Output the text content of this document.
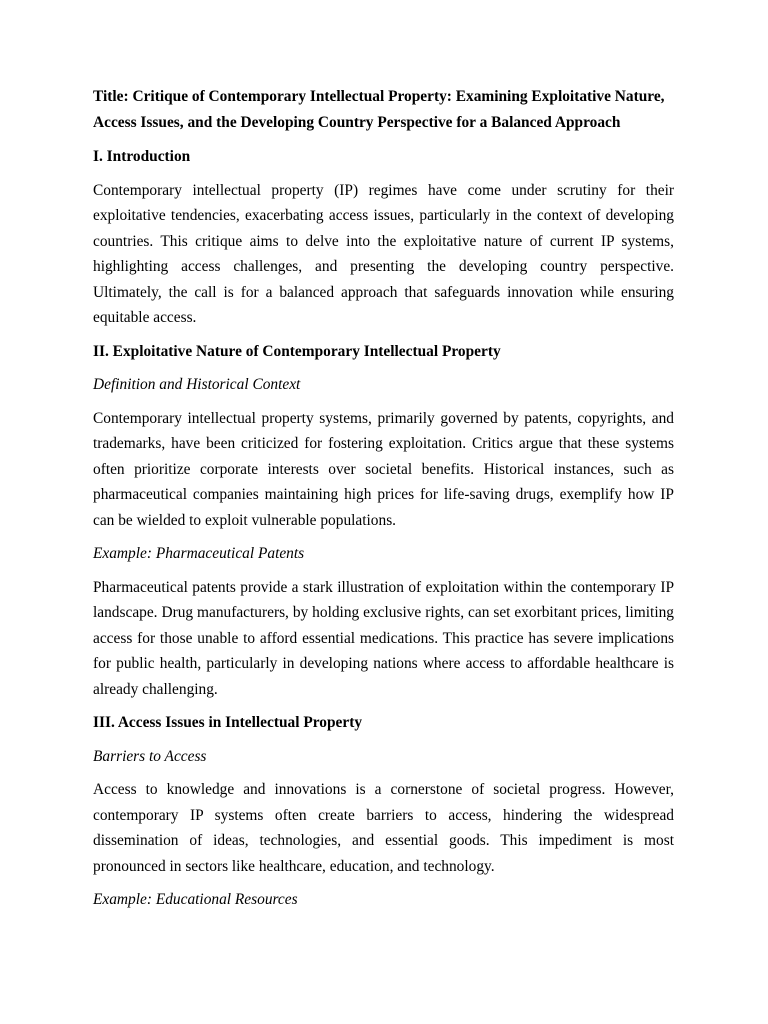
Title: Critique of Contemporary Intellectual Property: Examining Exploitative Nature, Access Issues, and the Developing Country Perspective for a Balanced Approach

I. Introduction

Contemporary intellectual property (IP) regimes have come under scrutiny for their exploitative tendencies, exacerbating access issues, particularly in the context of developing countries. This critique aims to delve into the exploitative nature of current IP systems, highlighting access challenges, and presenting the developing country perspective. Ultimately, the call is for a balanced approach that safeguards innovation while ensuring equitable access.

II. Exploitative Nature of Contemporary Intellectual Property

Definition and Historical Context

Contemporary intellectual property systems, primarily governed by patents, copyrights, and trademarks, have been criticized for fostering exploitation. Critics argue that these systems often prioritize corporate interests over societal benefits. Historical instances, such as pharmaceutical companies maintaining high prices for life-saving drugs, exemplify how IP can be wielded to exploit vulnerable populations.

Example: Pharmaceutical Patents

Pharmaceutical patents provide a stark illustration of exploitation within the contemporary IP landscape. Drug manufacturers, by holding exclusive rights, can set exorbitant prices, limiting access for those unable to afford essential medications. This practice has severe implications for public health, particularly in developing nations where access to affordable healthcare is already challenging.

III. Access Issues in Intellectual Property

Barriers to Access

Access to knowledge and innovations is a cornerstone of societal progress. However, contemporary IP systems often create barriers to access, hindering the widespread dissemination of ideas, technologies, and essential goods. This impediment is most pronounced in sectors like healthcare, education, and technology.

Example: Educational Resources
